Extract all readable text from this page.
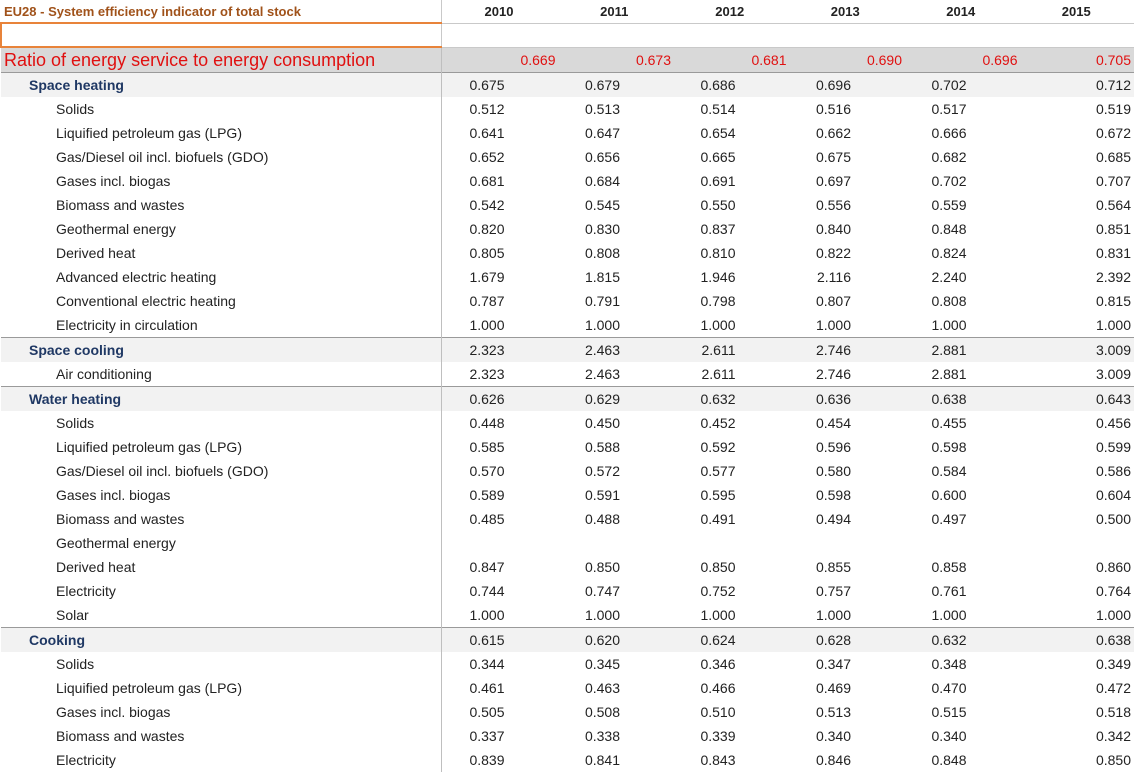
EU28 - System efficiency indicator of total stock	2010	2011	2012	2013	2014	2015

Ratio of energy service to energy consumption	0.669	0.673	0.681	0.690	0.696	0.705
Space heating	0.675	0.679	0.686	0.696	0.702	0.712
Solids	0.512	0.513	0.514	0.516	0.517	0.519
Liquified petroleum gas (LPG)	0.641	0.647	0.654	0.662	0.666	0.672
Gas/Diesel oil incl. biofuels (GDO)	0.652	0.656	0.665	0.675	0.682	0.685
Gases incl. biogas	0.681	0.684	0.691	0.697	0.702	0.707
Biomass and wastes	0.542	0.545	0.550	0.556	0.559	0.564
Geothermal energy	0.820	0.830	0.837	0.840	0.848	0.851
Derived heat	0.805	0.808	0.810	0.822	0.824	0.831
Advanced electric heating	1.679	1.815	1.946	2.116	2.240	2.392
Conventional electric heating	0.787	0.791	0.798	0.807	0.808	0.815
Electricity in circulation	1.000	1.000	1.000	1.000	1.000	1.000
Space cooling	2.323	2.463	2.611	2.746	2.881	3.009
Air conditioning	2.323	2.463	2.611	2.746	2.881	3.009
Water heating	0.626	0.629	0.632	0.636	0.638	0.643
Solids	0.448	0.450	0.452	0.454	0.455	0.456
Liquified petroleum gas (LPG)	0.585	0.588	0.592	0.596	0.598	0.599
Gas/Diesel oil incl. biofuels (GDO)	0.570	0.572	0.577	0.580	0.584	0.586
Gases incl. biogas	0.589	0.591	0.595	0.598	0.600	0.604
Biomass and wastes	0.485	0.488	0.491	0.494	0.497	0.500
Geothermal energy						
Derived heat	0.847	0.850	0.850	0.855	0.858	0.860
Electricity	0.744	0.747	0.752	0.757	0.761	0.764
Solar	1.000	1.000	1.000	1.000	1.000	1.000
Cooking	0.615	0.620	0.624	0.628	0.632	0.638
Solids	0.344	0.345	0.346	0.347	0.348	0.349
Liquified petroleum gas (LPG)	0.461	0.463	0.466	0.469	0.470	0.472
Gases incl. biogas	0.505	0.508	0.510	0.513	0.515	0.518
Biomass and wastes	0.337	0.338	0.339	0.340	0.340	0.342
Electricity	0.839	0.841	0.843	0.846	0.848	0.850
